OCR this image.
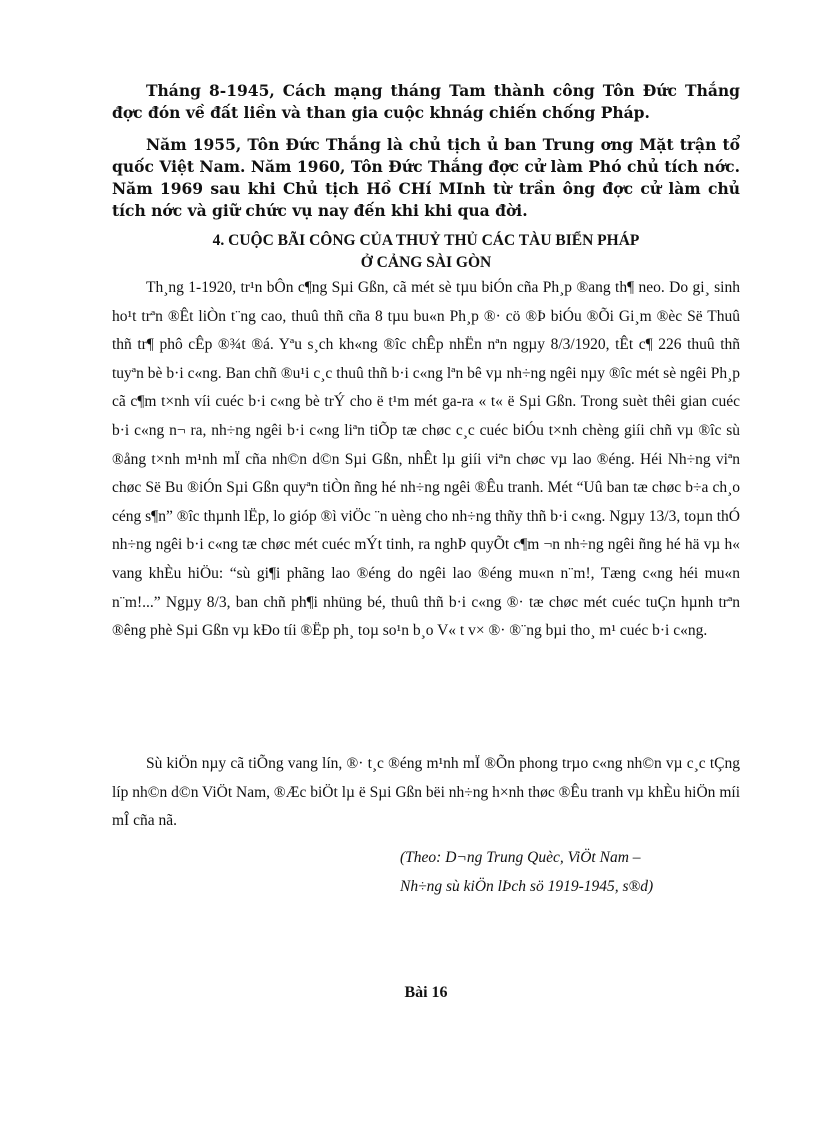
Tháng 8-1945, Cách mạng tháng Tam thành công Tôn Đức Thắng đợc đón về đất liền và than gia cuộc khnág chiến chống Pháp.

Năm 1955, Tôn Đức Thắng là chủ tịch ủ ban Trung ơng Mặt trận tổ quốc Việt Nam. Năm 1960, Tôn Đức Thắng đợc cử làm Phó chủ tích nớc. Năm 1969 sau khi Chủ tịch Hồ CHí MInh từ trần ông đợc cử làm chủ tích nớc và giữ chức vụ nay đến khi khi qua đời.

4. CUỘC BÃI CÔNG CỦA THUỶ THỦ CÁC TÀU BIỂN PHÁP

Ở CẢNG SÀI GÒN

Th¸ng 1-1920, tr¹n bÔn c¶ng Sµi Gßn, cã mét sè tµu biÓn cña Ph¸p ®ang th¶ neo. Do gi¸ sinh ho¹t trªn ®Êt liÒn t¨ng cao, thuû thñ cña 8 tµu bu«n Ph¸p ®· cö ®Þ biÓu ®Õi Gi¸m ®èc Së Thuû thñ tr¶ phô cÊp ®¾t ®á. Yªu s¸ch kh«ng ®îc chÊp nhËn nªn ngµy 8/3/1920, tÊt c¶ 226 thuû thñ tuyªn bè b·i c«ng. Ban chñ ®u¹i c¸c thuû thñ b·i c«ng lªn bê vµ nh÷ng ngêi nµy ®îc mét sè ngêi Ph¸p cã c¶m t×nh víi cuéc b·i c«ng bè trÝ cho ë t¹m mét ga-ra « t« ë Sµi Gßn. Trong suèt thêi gian cuéc b·i c«ng n¬ ra, nh÷ng ngêi b·i c«ng liªn tiÕp tæ chøc c¸c cuéc biÓu t×nh chèng giíi chñ vµ ®îc sù ®ång t×nh m¹nh mÏ cña nh©n d©n Sµi Gßn, nhÊt lµ giíi viªn chøc vµ lao ®éng. Héi Nh÷ng viªn chøc Së Bu ®iÓn Sµi Gßn quyªn tiÒn ñng hé nh÷ng ngêi ®Êu tranh. Mét “Uû ban tæ chøc b÷a ch¸o céng s¶n” ®îc thµnh lËp, lo gióp ®ì viÖc ¨n uèng cho nh÷ng thñy thñ b·i c«ng. Ngµy 13/3, toµn thÓ nh÷ng ngêi b·i c«ng tæ chøc mét cuéc mÝt tinh, ra nghÞ quyÕt c¶m ¬n nh÷ng ngêi ñng hé hä vµ h« vang khÈu hiÖu: “sù gi¶i phãng lao ®éng do ngêi lao ®éng mu«n n¨m!, Tæng c«ng héi mu«n n¨m!...” Ngµy 8/3, ban chñ ph¶i nhüng bé, thuû thñ b·i c«ng ®· tæ chøc mét cuéc tuÇn hµnh trªn ®êng phè Sµi Gßn vµ kÐo tíi ®Ëp ph¸ toµ so¹n b¸o V« t v× ®· ®¨ng bµi tho¸ m¹ cuéc b·i c«ng.

Sù kiÖn nµy cã tiÕng vang lín, ®· t¸c ®éng m¹nh mÏ ®Õn phong trµo c«ng nh©n vµ c¸c tÇng líp nh©n d©n ViÖt Nam, ®Æc biÖt lµ ë Sµi Gßn bëi nh÷ng h×nh thøc ®Êu tranh vµ khÈu hiÖn míi mÎ cña nã.

(Theo: D¬ng Trung Quèc, ViÖt Nam –
Nh÷ng sù kiÖn lÞch sö 1919-1945, s®d)

Bài 16
